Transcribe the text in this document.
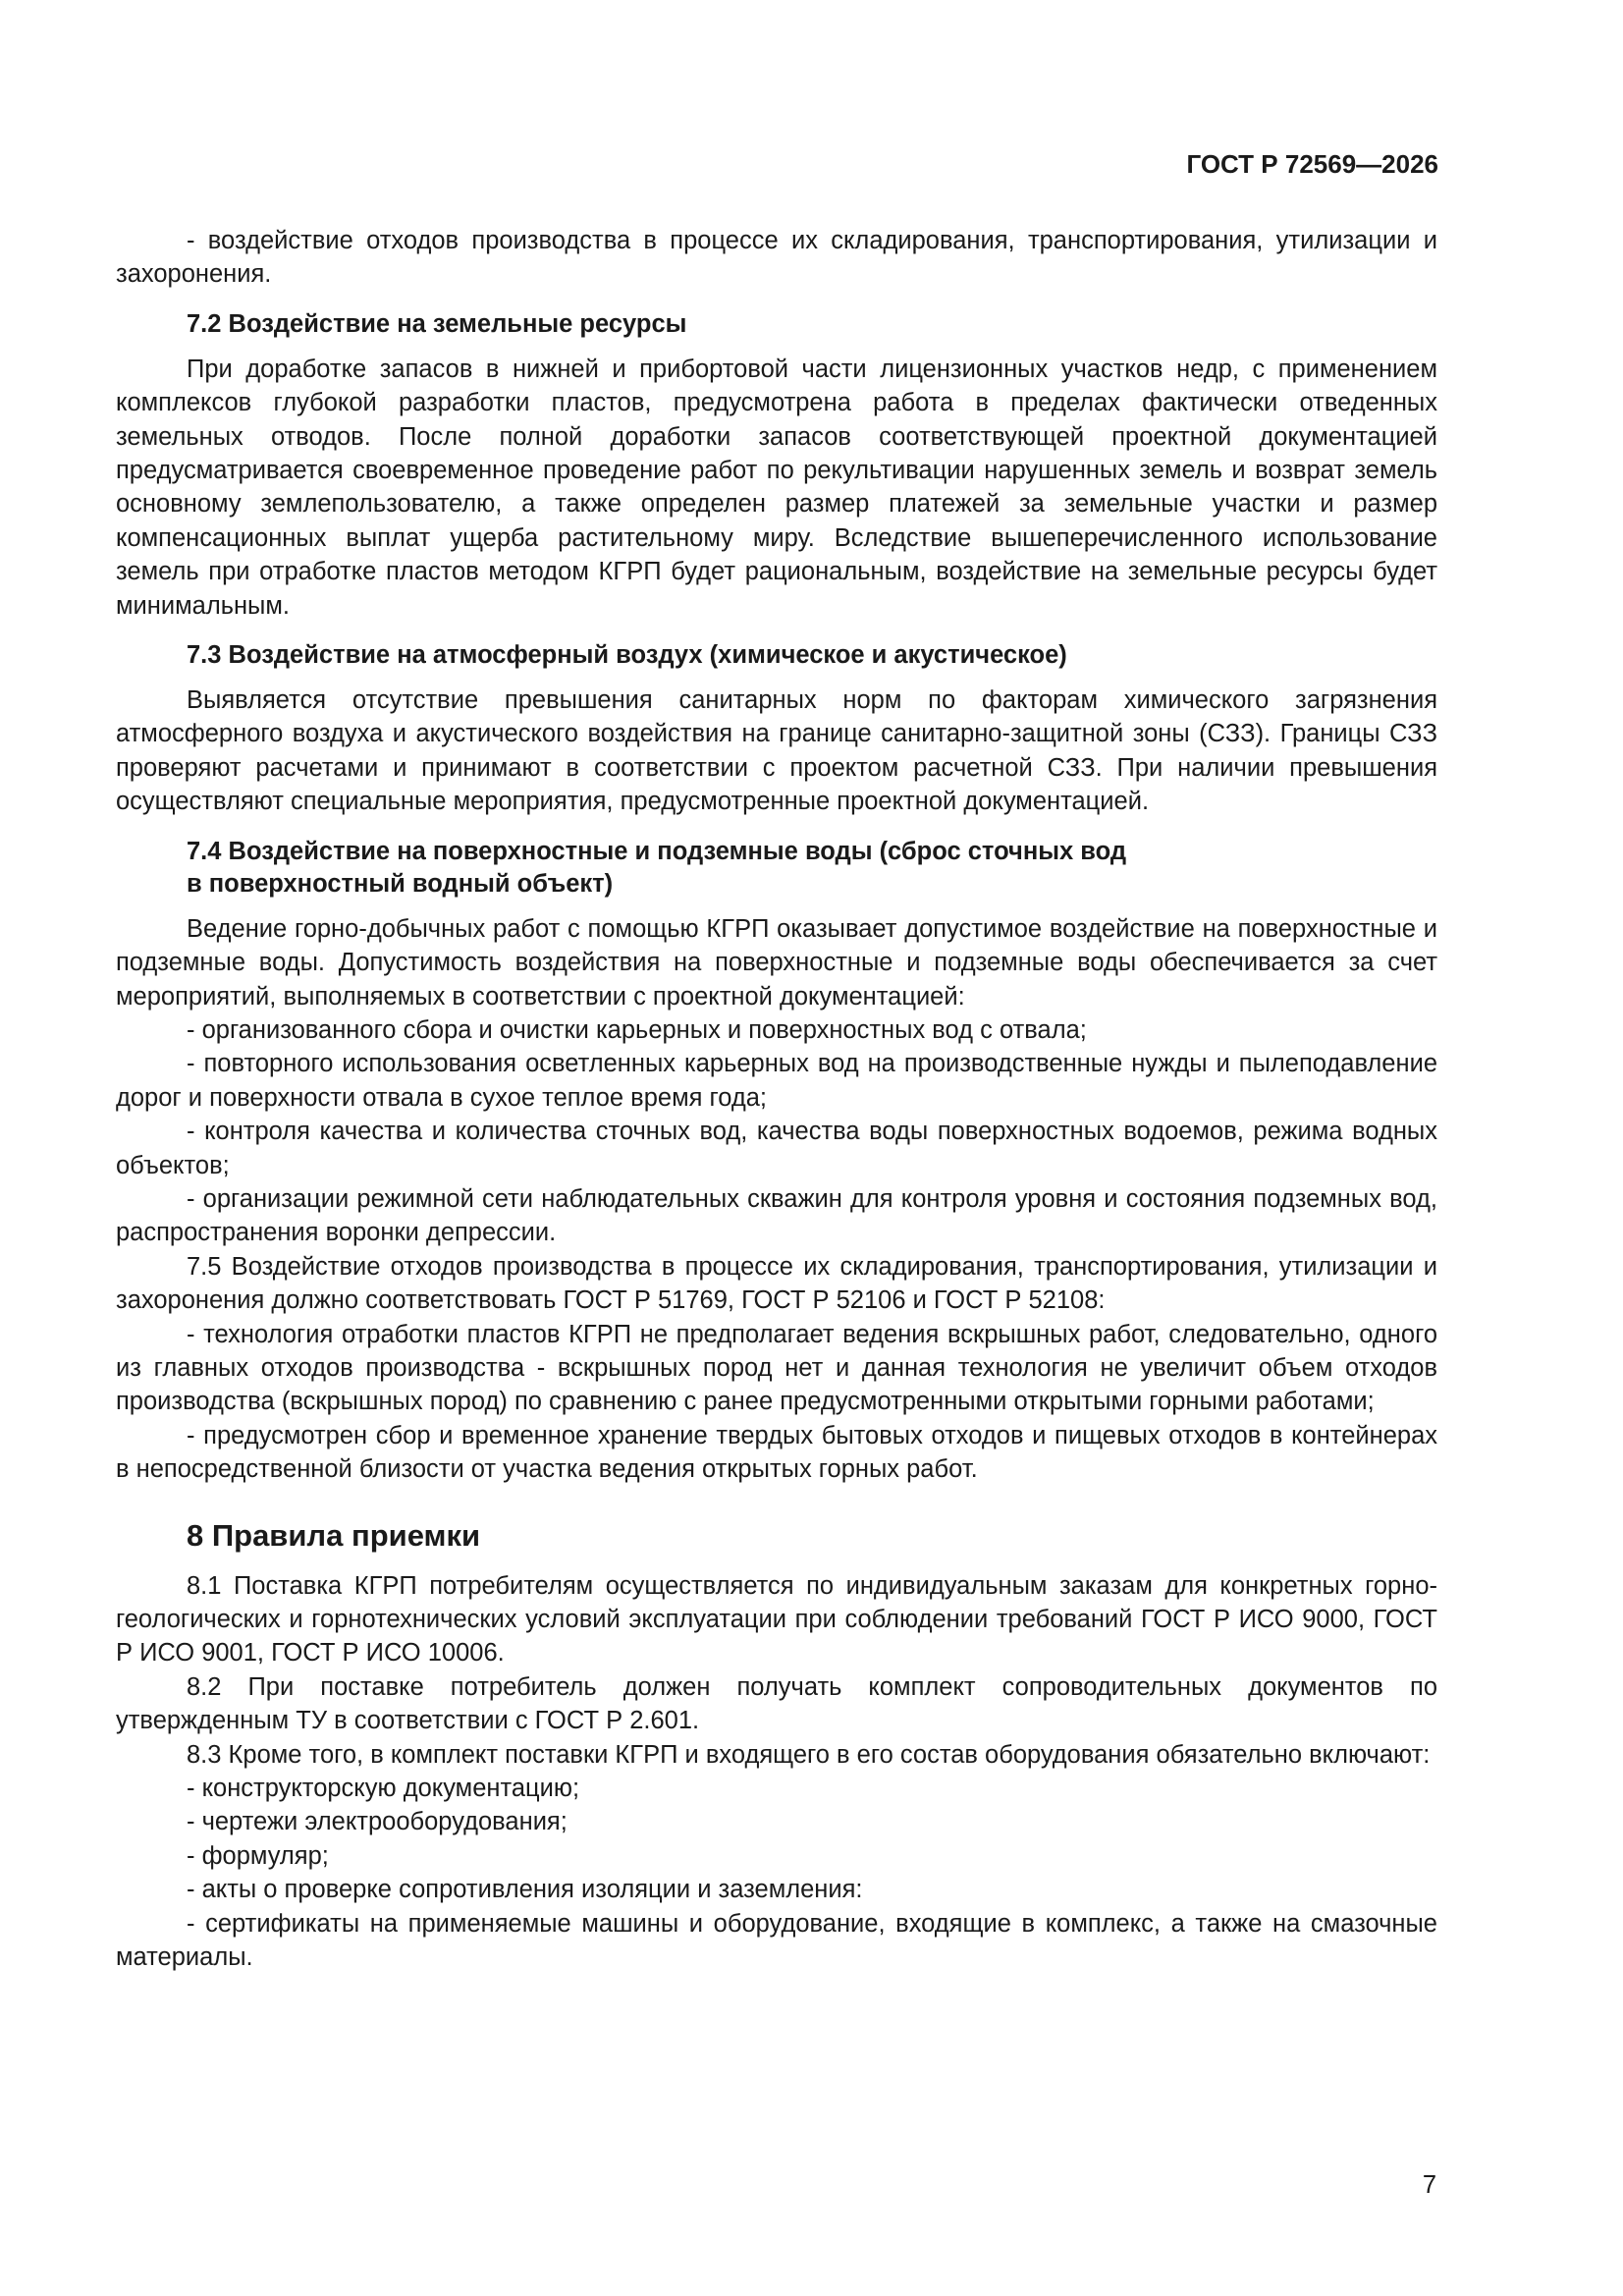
ГОСТ Р 72569—2026

- воздействие отходов производства в процессе их складирования, транспортирования, утилизации и захоронения.

7.2 Воздействие на земельные ресурсы

При доработке запасов в нижней и прибортовой части лицензионных участков недр, с применением комплексов глубокой разработки пластов, предусмотрена работа в пределах фактически отведенных земельных отводов. После полной доработки запасов соответствующей проектной документацией предусматривается своевременное проведение работ по рекультивации нарушенных земель и возврат земель основному землепользователю, а также определен размер платежей за земельные участки и размер компенсационных выплат ущерба растительному миру. Вследствие вышеперечисленного использование земель при отработке пластов методом КГРП будет рациональным, воздействие на земельные ресурсы будет минимальным.

7.3 Воздействие на атмосферный воздух (химическое и акустическое)

Выявляется отсутствие превышения санитарных норм по факторам химического загрязнения атмосферного воздуха и акустического воздействия на границе санитарно-защитной зоны (СЗЗ). Границы СЗЗ проверяют расчетами и принимают в соответствии с проектом расчетной СЗЗ. При наличии превышения осуществляют специальные мероприятия, предусмотренные проектной документацией.

7.4 Воздействие на поверхностные и подземные воды (сброс сточных вод

в поверхностный водный объект)

Ведение горно-добычных работ с помощью КГРП оказывает допустимое воздействие на поверхностные и подземные воды. Допустимость воздействия на поверхностные и подземные воды обеспечивается за счет мероприятий, выполняемых в соответствии с проектной документацией:

- организованного сбора и очистки карьерных и поверхностных вод с отвала;

- повторного использования осветленных карьерных вод на производственные нужды и пылеподавление дорог и поверхности отвала в сухое теплое время года;

- контроля качества и количества сточных вод, качества воды поверхностных водоемов, режима водных объектов;

- организации режимной сети наблюдательных скважин для контроля уровня и состояния подземных вод, распространения воронки депрессии.

7.5 Воздействие отходов производства в процессе их складирования, транспортирования, утилизации и захоронения должно соответствовать ГОСТ Р 51769, ГОСТ Р 52106 и ГОСТ Р 52108:

- технология отработки пластов КГРП не предполагает ведения вскрышных работ, следовательно, одного из главных отходов производства - вскрышных пород нет и данная технология не увеличит объем отходов производства (вскрышных пород) по сравнению с ранее предусмотренными открытыми горными работами;

- предусмотрен сбор и временное хранение твердых бытовых отходов и пищевых отходов в контейнерах в непосредственной близости от участка ведения открытых горных работ.

8 Правила приемки

8.1 Поставка КГРП потребителям осуществляется по индивидуальным заказам для конкретных горно-геологических и горнотехнических условий эксплуатации при соблюдении требований ГОСТ Р ИСО 9000, ГОСТ Р ИСО 9001, ГОСТ Р ИСО 10006.

8.2 При поставке потребитель должен получать комплект сопроводительных документов по утвержденным ТУ в соответствии с ГОСТ Р 2.601.

8.3 Кроме того, в комплект поставки КГРП и входящего в его состав оборудования обязательно включают:

- конструкторскую документацию;

- чертежи электрооборудования;

- формуляр;

- акты о проверке сопротивления изоляции и заземления:

- сертификаты на применяемые машины и оборудование, входящие в комплекс, а также на смазочные материалы.

7
